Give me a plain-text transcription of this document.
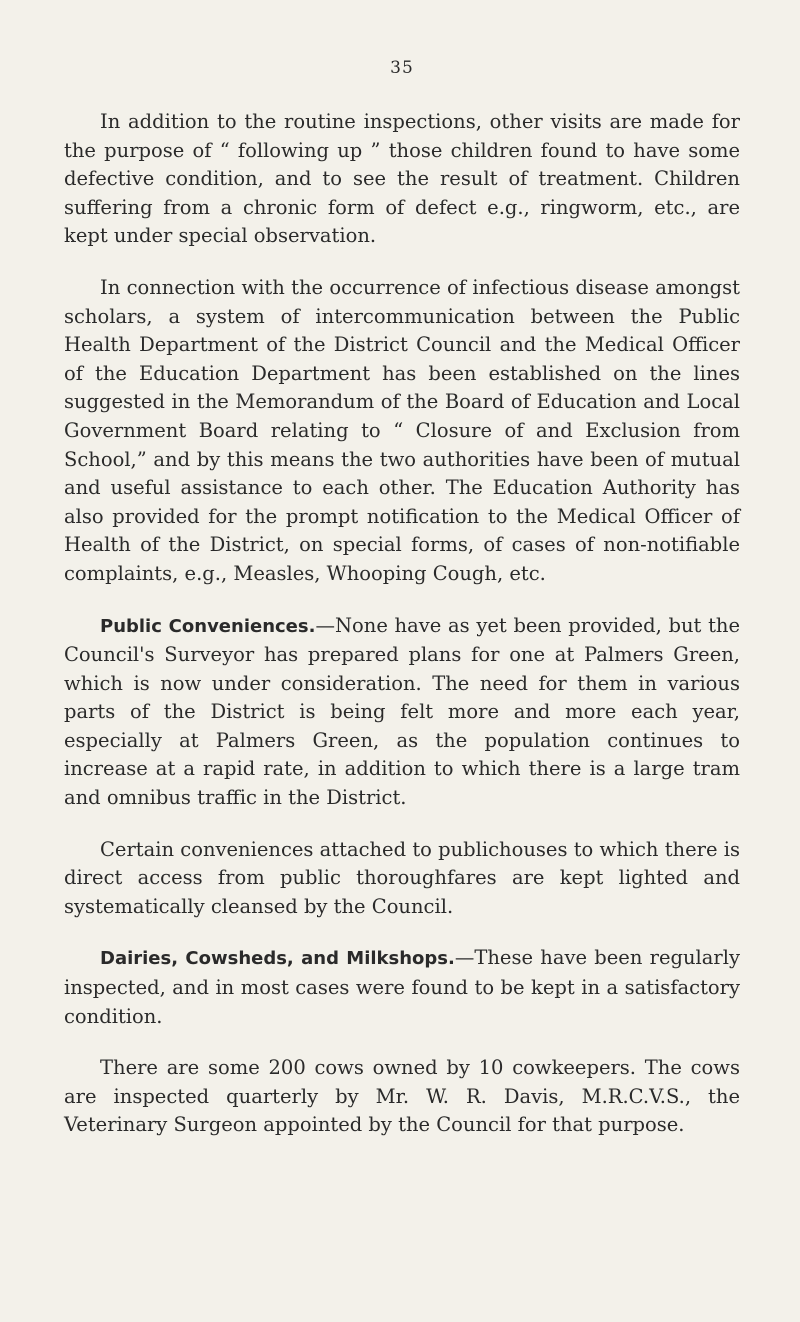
35

In addition to the routine inspections, other visits are made for the purpose of “ following up ” those children found to have some defective condition, and to see the result of treatment. Children suffering from a chronic form of defect e.g., ringworm, etc., are kept under special observation.

In connection with the occurrence of infectious disease amongst scholars, a system of intercommunication between the Public Health Department of the District Council and the Medical Officer of the Education Department has been established on the lines suggested in the Memorandum of the Board of Education and Local Government Board relating to “ Closure of and Exclusion from School,” and by this means the two authorities have been of mutual and useful assistance to each other. The Education Authority has also provided for the prompt notification to the Medical Officer of Health of the District, on special forms, of cases of non-notifiable complaints, e.g., Measles, Whooping Cough, etc.

Public Conveniences.—None have as yet been provided, but the Council's Surveyor has prepared plans for one at Palmers Green, which is now under consideration. The need for them in various parts of the District is being felt more and more each year, especially at Palmers Green, as the population continues to increase at a rapid rate, in addition to which there is a large tram and omnibus traffic in the District.

Certain conveniences attached to publichouses to which there is direct access from public thoroughfares are kept lighted and systematically cleansed by the Council.

Dairies, Cowsheds, and Milkshops.—These have been regularly inspected, and in most cases were found to be kept in a satisfactory condition.

There are some 200 cows owned by 10 cowkeepers. The cows are inspected quarterly by Mr. W. R. Davis, M.R.C.V.S., the Veterinary Surgeon appointed by the Council for that purpose.
